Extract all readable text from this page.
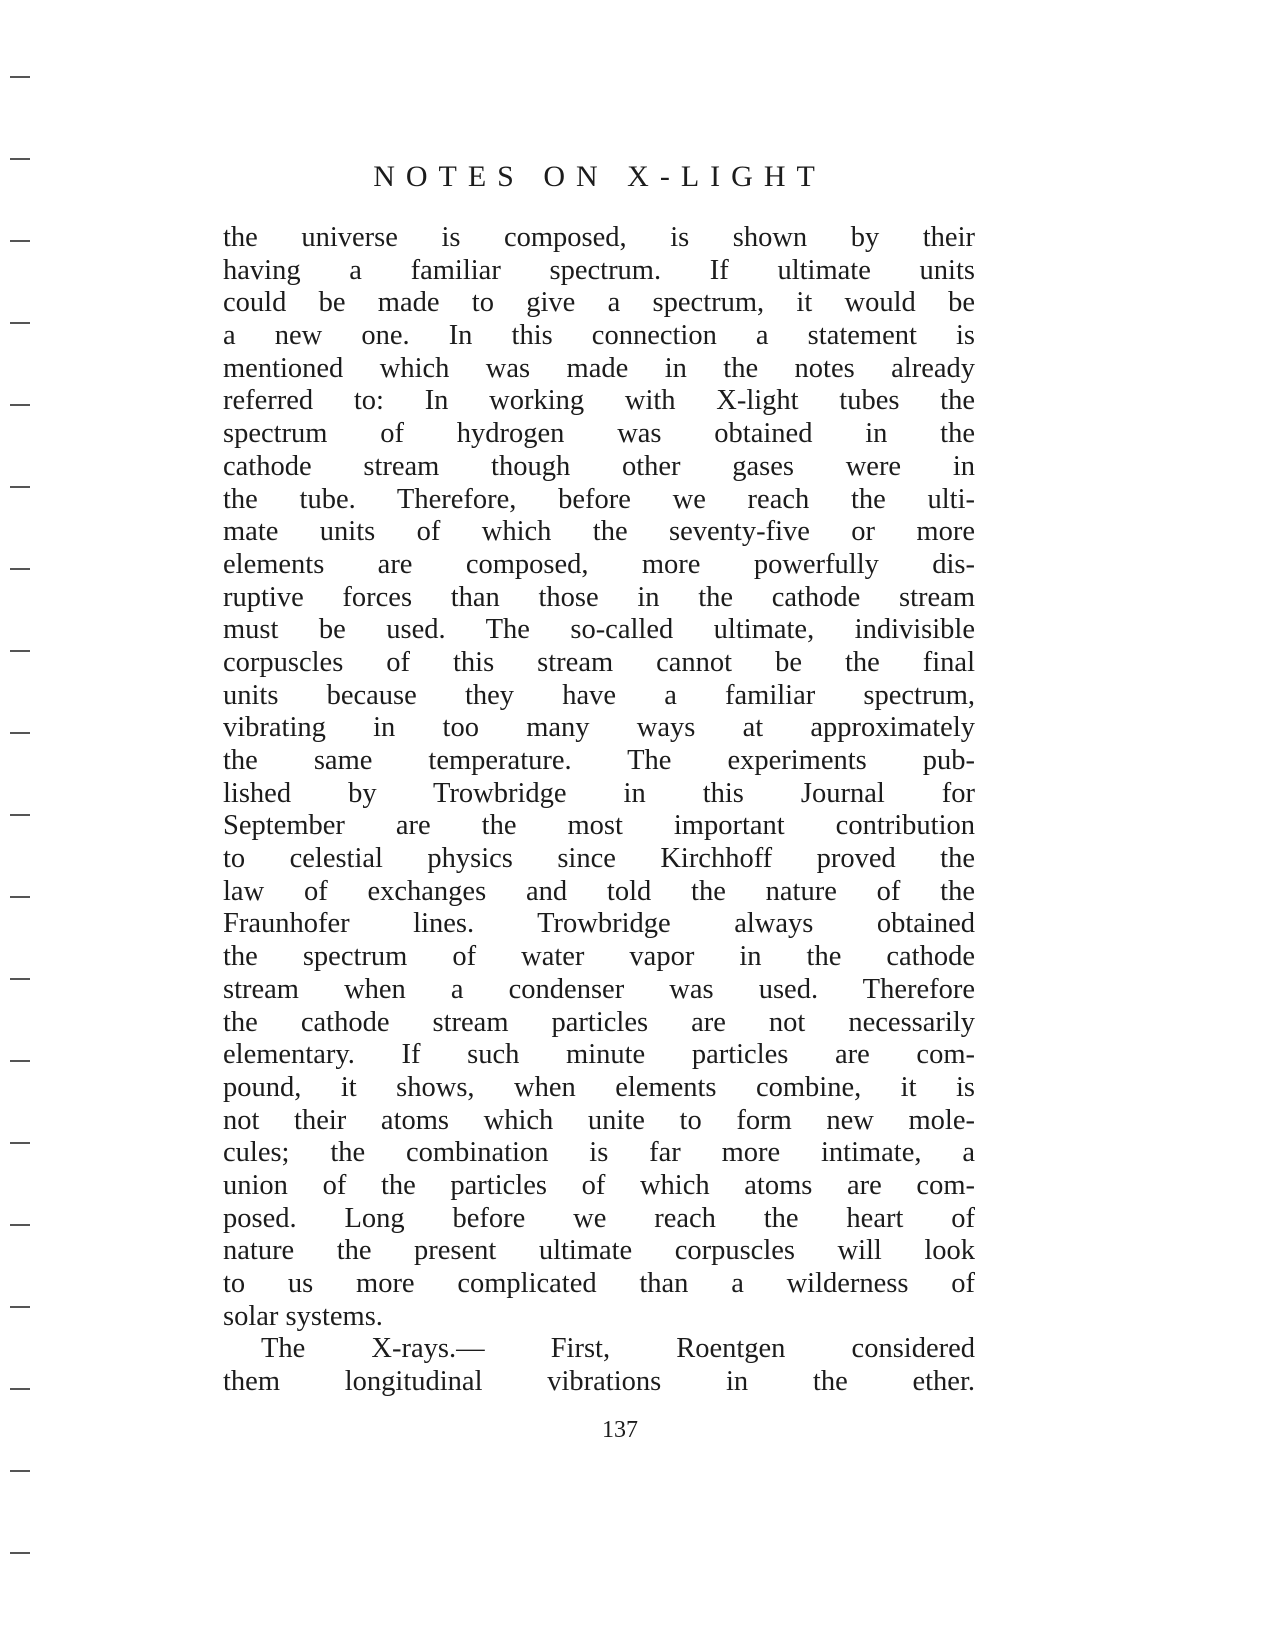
NOTES ON X-LIGHT
the universe is composed, is shown by their
having a familiar spectrum. If ultimate units
could be made to give a spectrum, it would be
a new one. In this connection a statement is
mentioned which was made in the notes already
referred to: In working with X-light tubes the
spectrum of hydrogen was obtained in the
cathode stream though other gases were in
the tube. Therefore, before we reach the ulti-
mate units of which the seventy-five or more
elements are composed, more powerfully dis-
ruptive forces than those in the cathode stream
must be used. The so-called ultimate, indivisible
corpuscles of this stream cannot be the final
units because they have a familiar spectrum,
vibrating in too many ways at approximately
the same temperature. The experiments pub-
lished by Trowbridge in this Journal for
September are the most important contribution
to celestial physics since Kirchhoff proved the
law of exchanges and told the nature of the
Fraunhofer lines. Trowbridge always obtained
the spectrum of water vapor in the cathode
stream when a condenser was used. Therefore
the cathode stream particles are not necessarily
elementary. If such minute particles are com-
pound, it shows, when elements combine, it is
not their atoms which unite to form new mole-
cules; the combination is far more intimate, a
union of the particles of which atoms are com-
posed. Long before we reach the heart of
nature the present ultimate corpuscles will look
to us more complicated than a wilderness of
solar systems.
The X-rays.— First, Roentgen considered
them longitudinal vibrations in the ether.
137
